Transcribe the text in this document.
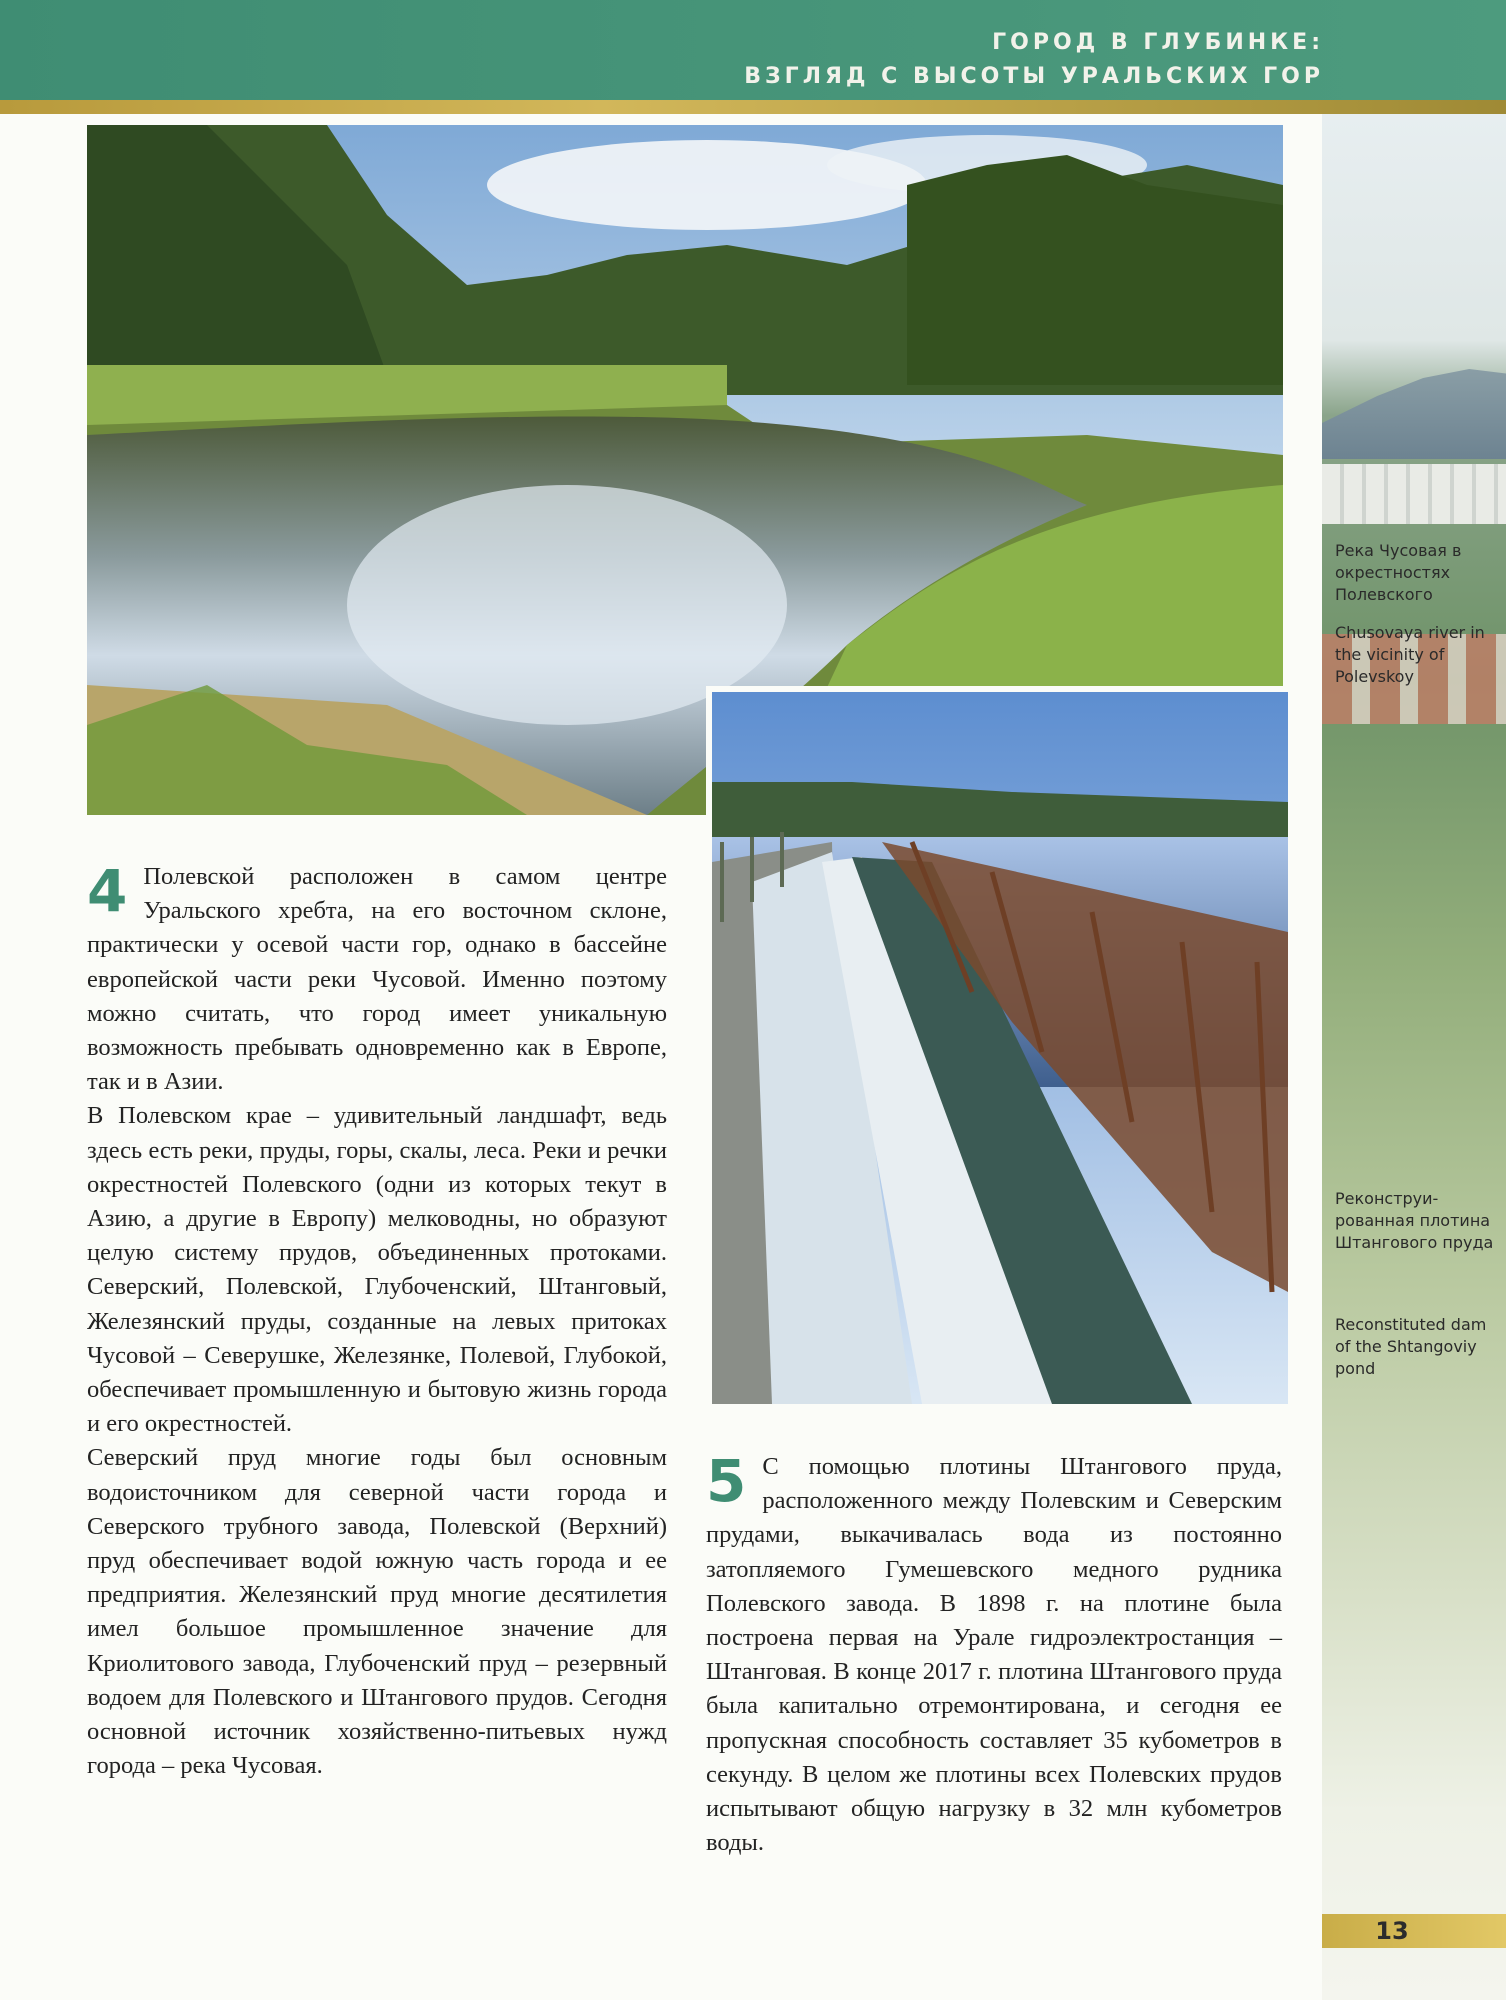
ГОРОД В ГЛУБИНКЕ:
ВЗГЛЯД С ВЫСОТЫ УРАЛЬСКИХ ГОР
Река Чусовая в окрестностях Полевского
Chusovaya river in the vicinity of Polevskoy
Реконструи-рованная плотина Штангового пруда
Reconstituted dam of the Shtangoviy pond

4 Полевской расположен в самом центре Уральского хребта, на его восточном склоне, практически у осевой части гор, однако в бассейне европейской части реки Чусовой. Именно поэтому можно считать, что город имеет уникальную возможность пребывать одновременно как в Европе, так и в Азии.

В Полевском крае – удивительный ландшафт, ведь здесь есть реки, пруды, горы, скалы, леса. Реки и речки окрестностей Полевского (одни из которых текут в Азию, а другие в Европу) мелководны, но образуют целую систему прудов, объединенных протоками. Северский, Полевской, Глубоченский, Штанговый, Железянский пруды, созданные на левых притоках Чусовой – Северушке, Железянке, Полевой, Глубокой, обеспечивает промышленную и бытовую жизнь города и его окрестностей.

Северский пруд многие годы был основным водоисточником для северной части города и Северского трубного завода, Полевской (Верхний) пруд обеспечивает водой южную часть города и ее предприятия. Железянский пруд многие десятилетия имел большое промышленное значение для Криолитового завода, Глубоченский пруд – резервный водоем для Полевского и Штангового прудов. Сегодня основной источник хозяйственно-питьевых нужд города – река Чусовая.

5 С помощью плотины Штангового пруда, расположенного между Полевским и Северским прудами, выкачивалась вода из постоянно затопляемого Гумешевского медного рудника Полевского завода. В 1898 г. на плотине была построена первая на Урале гидроэлектростанция – Штанговая. В конце 2017 г. плотина Штангового пруда была капитально отремонтирована, и сегодня ее пропускная способность составляет 35 кубометров в секунду. В целом же плотины всех Полевских прудов испытывают общую нагрузку в 32 млн кубометров воды.

13
